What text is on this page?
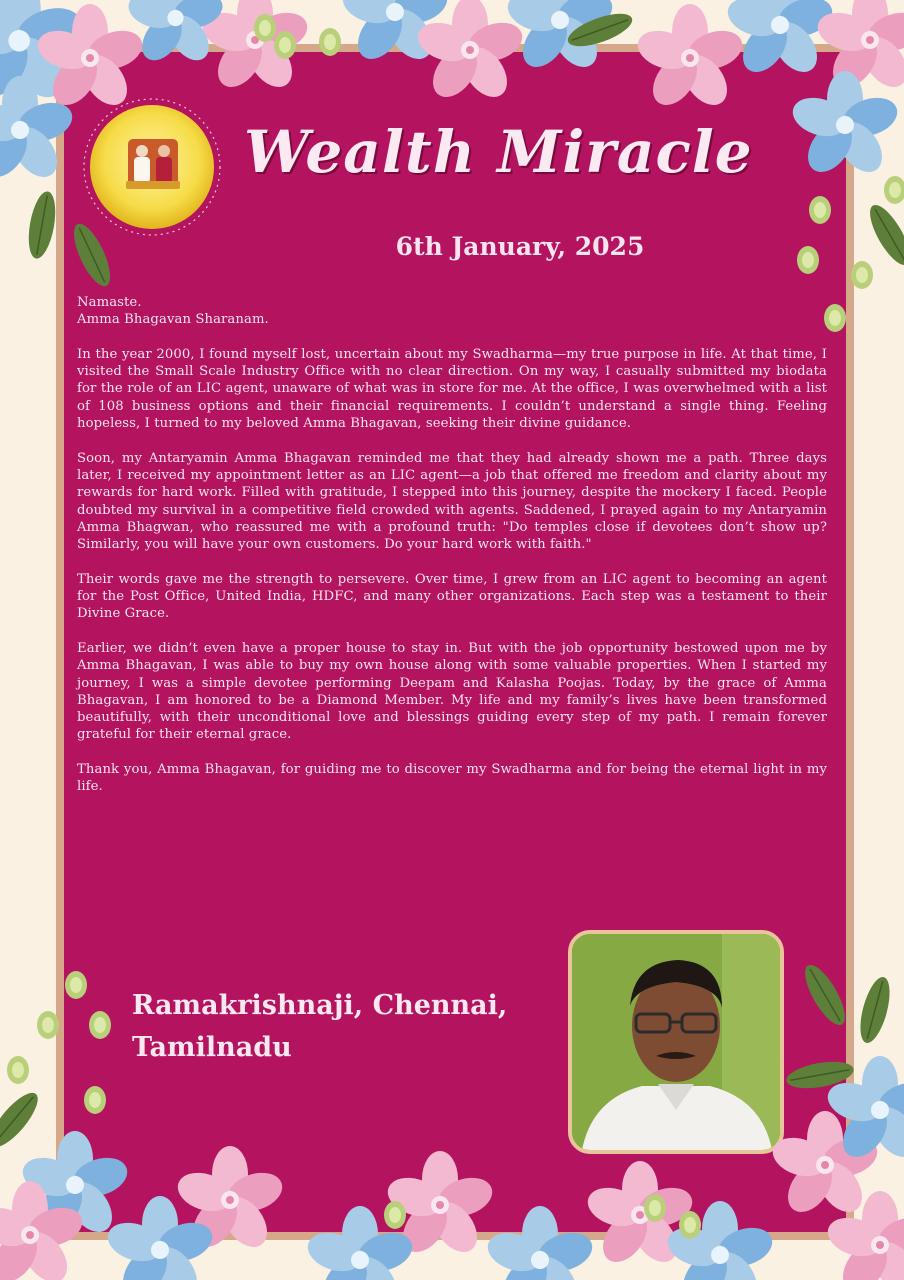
Wealth Miracle
6th January, 2025

Namaste.
Amma Bhagavan Sharanam.

In the year 2000, I found myself lost, uncertain about my Swadharma—my true purpose in life. At that time, I visited the Small Scale Industry Office with no clear direction. On my way, I casually submitted my biodata for the role of an LIC agent, unaware of what was in store for me. At the office, I was overwhelmed with a list of 108 business options and their financial requirements. I couldn’t understand a single thing. Feeling hopeless, I turned to my beloved Amma Bhagavan, seeking their divine guidance.

Soon, my Antaryamin Amma Bhagavan reminded me that they had already shown me a path. Three days later, I received my appointment letter as an LIC agent—a job that offered me freedom and clarity about my rewards for hard work. Filled with gratitude, I stepped into this journey, despite the mockery I faced. People doubted my survival in a competitive field crowded with agents. Saddened, I prayed again to my Antaryamin Amma Bhagwan, who reassured me with a profound truth: "Do temples close if devotees don’t show up? Similarly, you will have your own customers. Do your hard work with faith."

Their words gave me the strength to persevere. Over time, I grew from an LIC agent to becoming an agent for the Post Office, United India, HDFC, and many other organizations. Each step was a testament to their Divine Grace.

Earlier, we didn’t even have a proper house to stay in. But with the job opportunity bestowed upon me by Amma Bhagavan, I was able to buy my own house along with some valuable properties. When I started my journey, I was a simple devotee performing Deepam and Kalasha Poojas. Today, by the grace of Amma Bhagavan, I am honored to be a Diamond Member. My life and my family’s lives have been transformed beautifully, with their unconditional love and blessings guiding every step of my path. I remain forever grateful for their eternal grace.

Thank you, Amma Bhagavan, for guiding me to discover my Swadharma and for being the eternal light in my life.

Ramakrishnaji, Chennai,
Tamilnadu
